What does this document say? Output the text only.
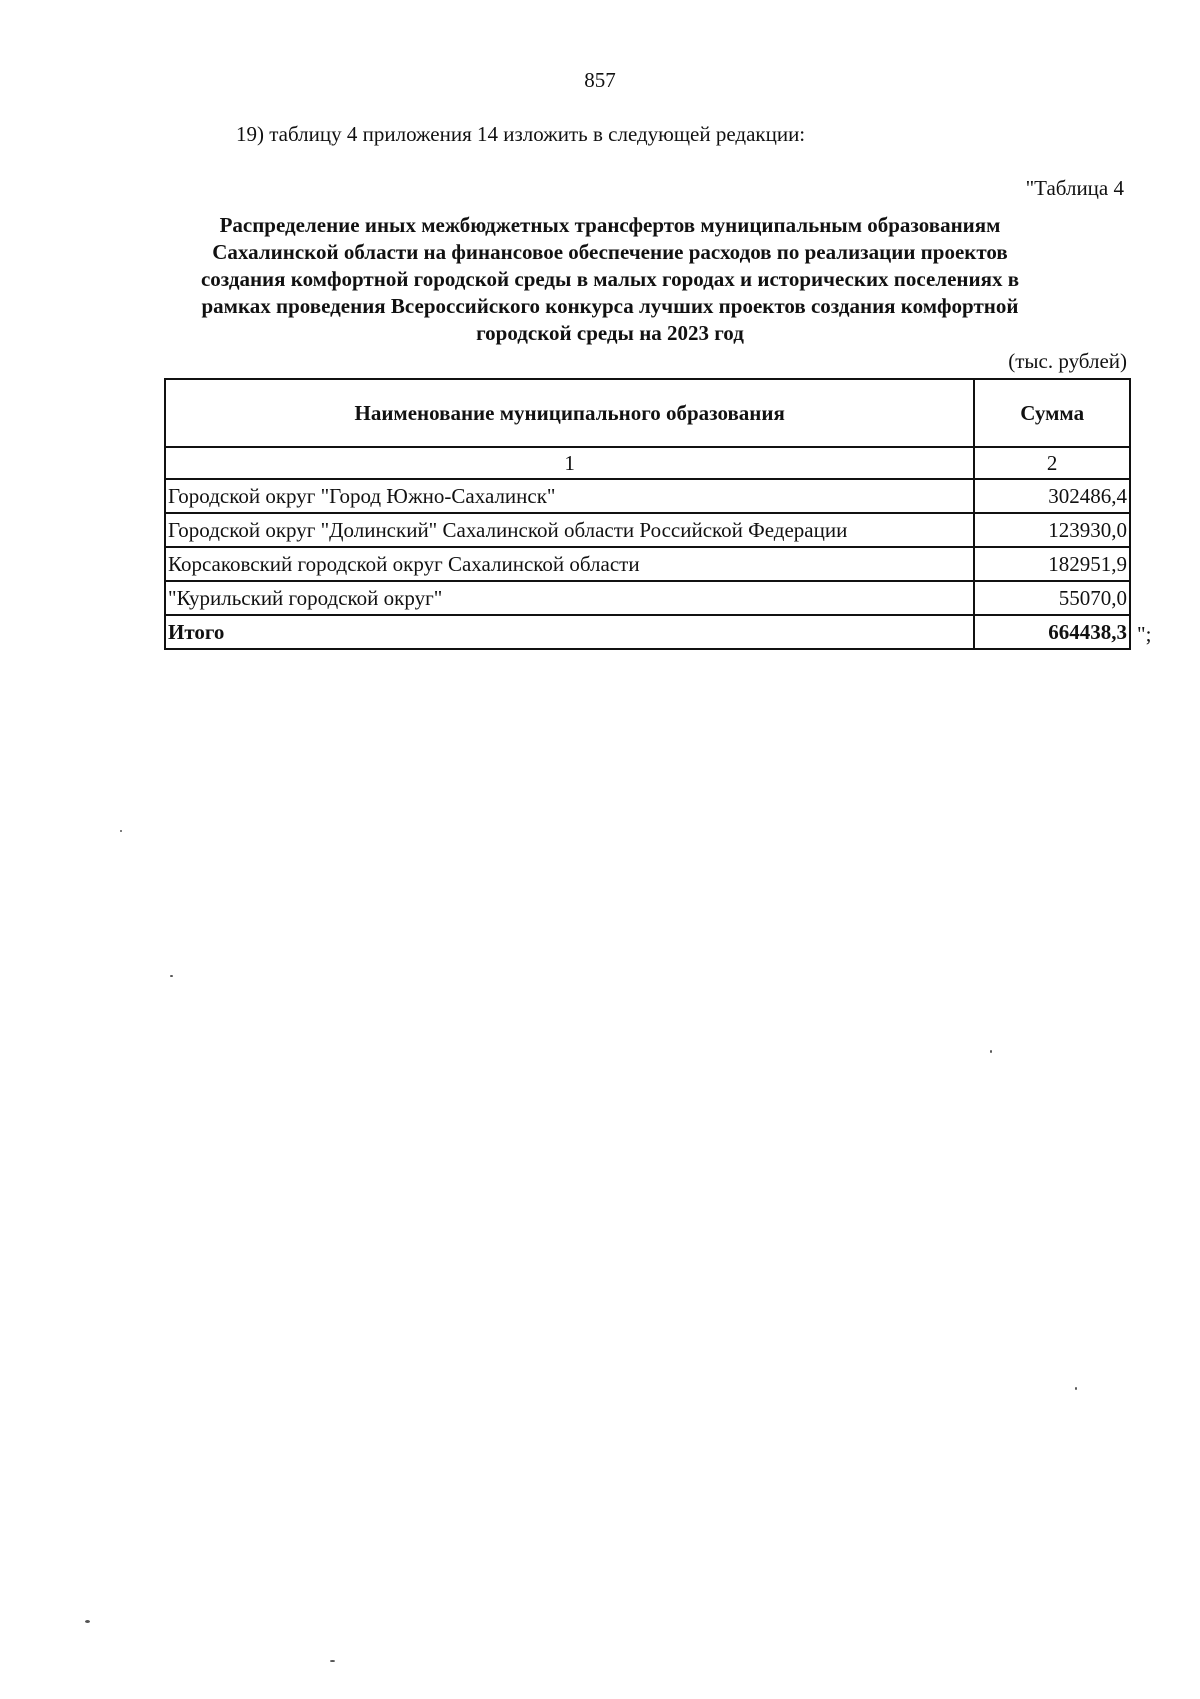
857
19) таблицу 4 приложения 14 изложить в следующей редакции:
"Таблица 4
Распределение иных межбюджетных трансфертов муниципальным образованиям
Сахалинской области на финансовое обеспечение расходов по реализации проектов
создания комфортной городской среды в малых городах и исторических поселениях в
рамках проведения Всероссийского конкурса лучших проектов создания комфортной
городской среды на 2023 год
(тыс. рублей)
Наименование муниципального образования	Сумма
1	2
Городской округ "Город Южно-Сахалинск"	302486,4
Городской округ "Долинский" Сахалинской области Российской Федерации	123930,0
Корсаковский городской округ Сахалинской области	182951,9
"Курильский городской округ"	55070,0
Итого	664438,3 ";
